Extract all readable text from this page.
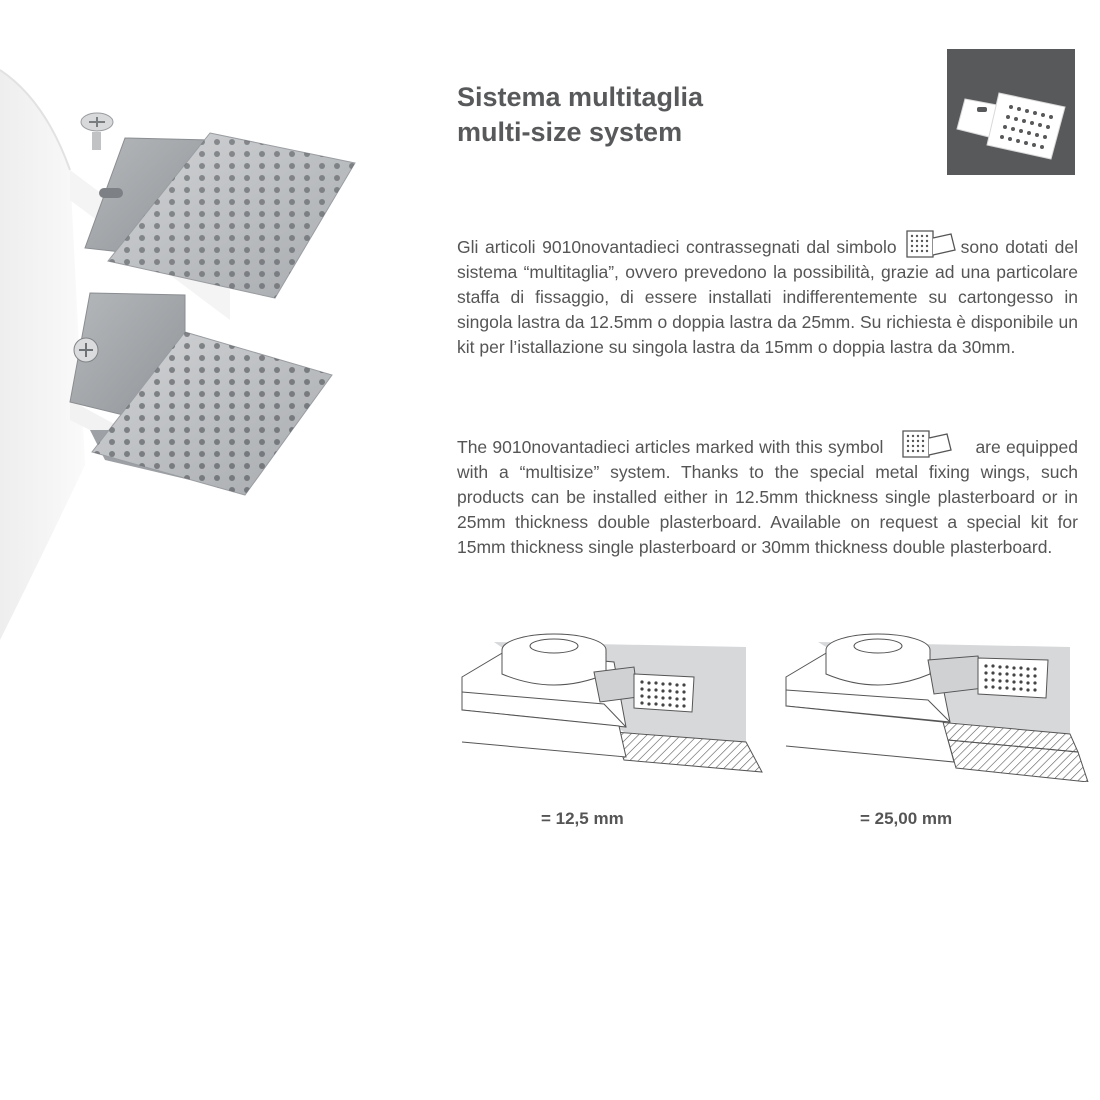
Sistema multitaglia
multi-size system

Gli articoli 9010novantadieci contrassegnati dal simbolo	sono dotati del sistema “multitaglia”, ovvero prevedono la possibilità, grazie ad una particolare staffa di fissaggio, di essere installati indifferentemente su cartongesso in singola lastra da 12.5mm o doppia lastra da 25mm. Su richiesta è disponibile un kit per l’istallazione su singola lastra da 15mm o doppia lastra da 30mm.

The 9010novantadieci articles marked with this symbol	are equipped with a “multisize” system. Thanks to the special metal fixing wings, such products can be installed either in 12.5mm thickness single plasterboard or in 25mm thickness double plasterboard. Available on request a special kit for 15mm thickness single plasterboard or 30mm thickness double plasterboard.

= 12,5 mm	= 25,00 mm
